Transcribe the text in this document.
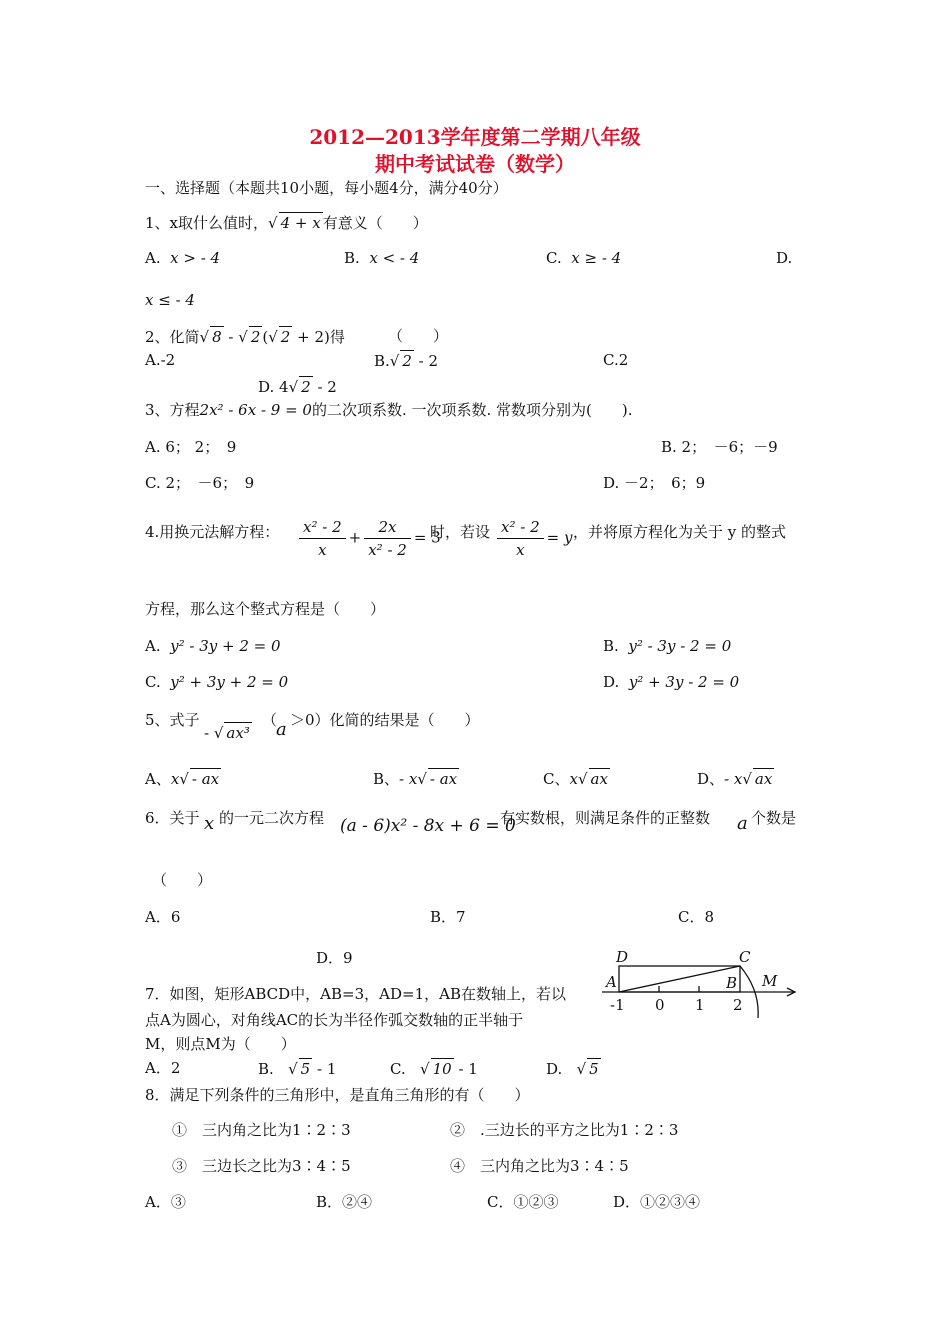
2012—2013学年度第二学期八年级
期中考试试卷（数学）
一、选择题（本题共10小题，每小题4分，满分40分）
1、x取什么值时，√ 4 + x 有意义（　　）
A. x > - 4	B. x < - 4	C. x ≥ - 4	D.
x ≤ - 4
2、化简√ 8 - √ 2 (√ 2 + 2)得	（　　）
A.-2	B.√ 2 - 2	C.2
D. 4√ 2 - 2
3、方程2x² - 6x - 9 = 0的二次项系数. 一次项系数. 常数项分别为(　　).
A. 6； 2；　9	B. 2；　－6；－9
C. 2；　－6；　9	D. －2；　6；9
4.用换元法解方程： $\frac{\text{x² - 2}}{x} + \frac{2x}{\text{x² - 2}} = 3$
时，若设 $\frac{\text{x² - 2}}{x} = y$ ，并将原方程化为关于 y 的整式
方程，那么这个整式方程是（　　）
A. y² - 3y + 2 = 0	B. y² - 3y - 2 = 0
C. y² + 3y + 2 = 0	D. y² + 3y - 2 = 0
5、式子
- √ ax³
（
a ＞0）化简的结果是（　　）
A、x√ - ax	B、- x√ - ax	C、x√ ax	D、- x√ ax
6．关于 x 的一元二次方程 (a - 6)x² - 8x + 6 = 0
有实数根，则满足条件的正整数 a 个数是
（　　）
A．6	B．7	C．8
D．9
7．如图，矩形ABCD中，AB=3，AD=1，AB在数轴上，若以
点A为圆心，对角线AC的长为半径作弧交数轴的正半轴于
M，则点M为（　　）
A．2	B. √ 5 - 1	C. √ 10 - 1	D. √ 5
D	C
A	B M
-1 0 1 2
8．满足下列条件的三角形中，是直角三角形的有（　　）
①　三内角之比为1∶2∶3	②　.三边长的平方之比为1∶2∶3
③　三边长之比为3∶4∶5	④　三内角之比为3∶4∶5
A．③	B．②④	C．①②③	D．①②③④
